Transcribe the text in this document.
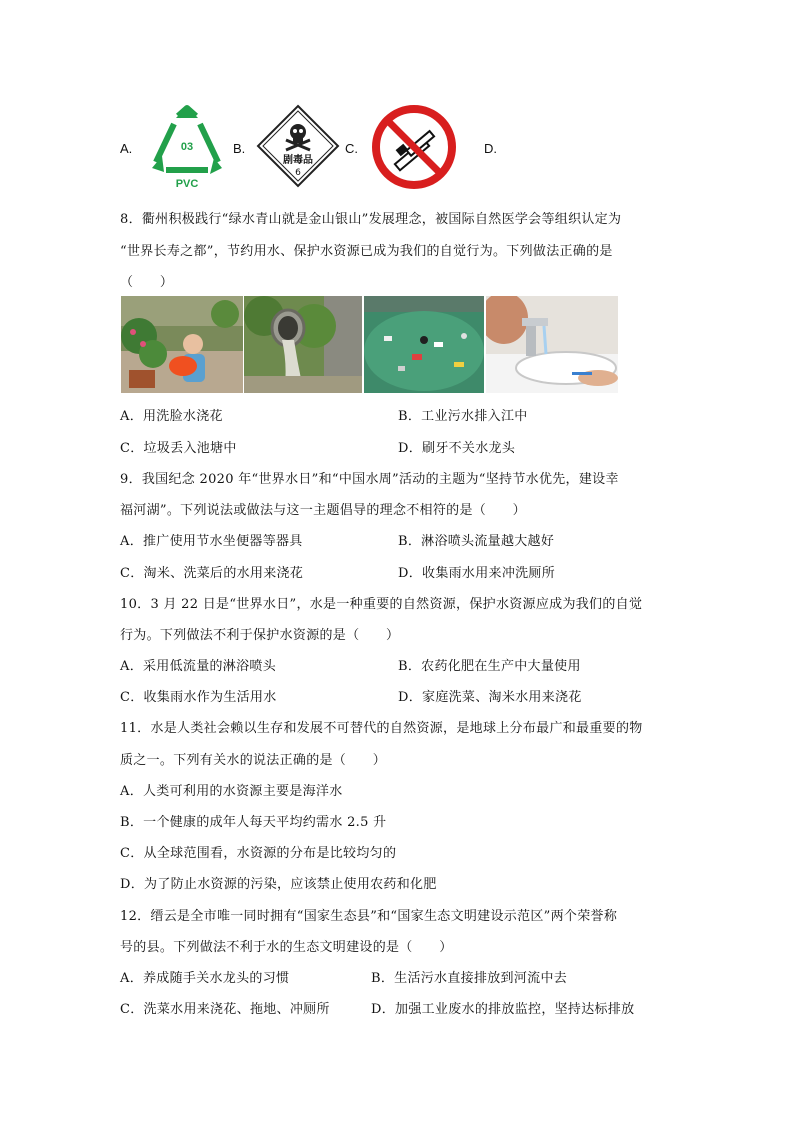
A.	03
PVC
B.
剧毒品
6
C.	D.
8．衢州积极践行“绿水青山就是金山银山”发展理念，被国际自然医学会等组织认定为
“世界长寿之都”，节约用水、保护水资源已成为我们的自觉行为。下列做法正确的是
（　　）
A．用洗脸水浇花	B．工业污水排入江中
C．垃圾丢入池塘中	D．刷牙不关水龙头
9．我国纪念 2020 年“世界水日”和“中国水周”活动的主题为“坚持节水优先，建设幸
福河湖”。下列说法或做法与这一主题倡导的理念不相符的是（　　）
A．推广使用节水坐便器等器具	B．淋浴喷头流量越大越好
C．淘米、洗菜后的水用来浇花	D．收集雨水用来冲洗厕所
10．3 月 22 日是“世界水日”，水是一种重要的自然资源，保护水资源应成为我们的自觉
行为。下列做法不利于保护水资源的是（　　）
A．采用低流量的淋浴喷头	B．农药化肥在生产中大量使用
C．收集雨水作为生活用水	D．家庭洗菜、淘米水用来浇花
11．水是人类社会赖以生存和发展不可替代的自然资源，是地球上分布最广和最重要的物
质之一。下列有关水的说法正确的是（　　）
A．人类可利用的水资源主要是海洋水
B．一个健康的成年人每天平均约需水 2.5 升
C．从全球范围看，水资源的分布是比较均匀的
D．为了防止水资源的污染，应该禁止使用农药和化肥
12．缙云是全市唯一同时拥有“国家生态县”和“国家生态文明建设示范区”两个荣誉称
号的县。下列做法不利于水的生态文明建设的是（　　）
A．养成随手关水龙头的习惯	B．生活污水直接排放到河流中去
C．洗菜水用来浇花、拖地、冲厕所	D．加强工业废水的排放监控，坚持达标排放
